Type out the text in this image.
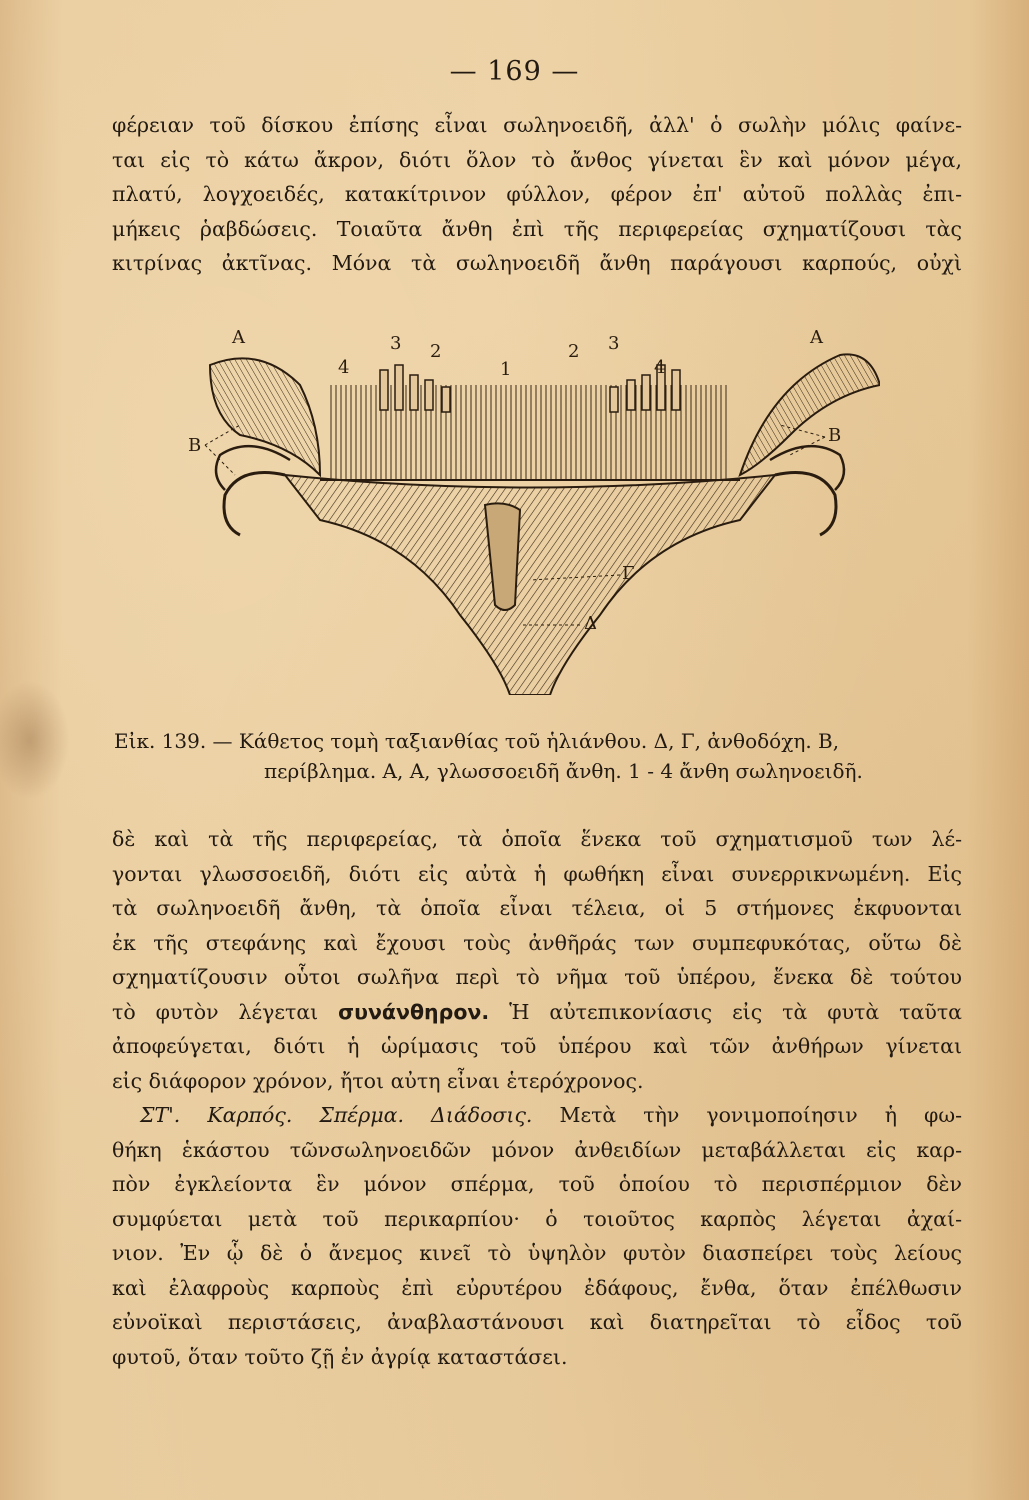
— 169 —
φέρειαν τοῦ δίσκου ἐπίσης εἶναι σωληνοειδῆ, ἀλλ' ὁ σωλὴν μόλις φαίνε-
ται εἰς τὸ κάτω ἄκρον, διότι ὅλον τὸ ἄνθος γίνεται ἓν καὶ μόνον μέγα,
πλατύ, λογχοειδές, κατακίτρινον φύλλον, φέρον ἐπ' αὐτοῦ πολλὰς ἐπι-
μήκεις ῥαβδώσεις. Τοιαῦτα ἄνθη ἐπὶ τῆς περιφερείας σχηματίζουσι τὰς
κιτρίνας ἀκτῖνας. Μόνα τὰ σωληνοειδῆ ἄνθη παράγουσι καρπούς, οὐχὶ
A	A
B	B
4
3 2
1
2 3
4
Γ
Δ
Εἰκ. 139. — Κάθετος τομὴ ταξιανθίας τοῦ ἡλιάνθου. Δ, Γ, ἀνθοδόχη. Β,
περίβλημα. Α, Α, γλωσσοειδῆ ἄνθη. 1 - 4 ἄνθη σωληνοειδῆ.
δὲ καὶ τὰ τῆς περιφερείας, τὰ ὁποῖα ἕνεκα τοῦ σχηματισμοῦ των λέ-
γονται γλωσσοειδῆ, διότι εἰς αὐτὰ ἡ φωθήκη εἶναι συνερρικνωμένη. Εἰς
τὰ σωληνοειδῆ ἄνθη, τὰ ὁποῖα εἶναι τέλεια, οἱ 5 στήμονες ἐκφυονται
ἐκ τῆς στεφάνης καὶ ἔχουσι τοὺς ἀνθῆράς των συμπεφυκότας, οὕτω δὲ
σχηματίζουσιν οὗτοι σωλῆνα περὶ τὸ νῆμα τοῦ ὑπέρου, ἕνεκα δὲ τούτου
τὸ φυτὸν λέγεται συνάνθηρον. Ἡ αὐτεπικονίασις εἰς τὰ φυτὰ ταῦτα
ἀποφεύγεται, διότι ἡ ὡρίμασις τοῦ ὑπέρου καὶ τῶν ἀνθήρων γίνεται
εἰς διάφορον χρόνον, ἤτοι αὐτη εἶναι ἑτερόχρονος.
ΣΤ'. Καρπός. Σπέρμα. Διάδοσις. Μετὰ τὴν γονιμοποίησιν ἡ φω-
θήκη ἑκάστου τῶνσωληνοειδῶν μόνον ἀνθειδίων μεταβάλλεται εἰς καρ-
πὸν ἐγκλείοντα ἓν μόνον σπέρμα, τοῦ ὁποίου τὸ περισπέρμιον δὲν
συμφύεται μετὰ τοῦ περικαρπίου· ὁ τοιοῦτος καρπὸς λέγεται ἀχαί-
νιον. Ἐν ᾧ δὲ ὁ ἄνεμος κινεῖ τὸ ὑψηλὸν φυτὸν διασπείρει τοὺς λείους
καὶ ἐλαφροὺς καρποὺς ἐπὶ εὐρυτέρου ἐδάφους, ἔνθα, ὅταν ἐπέλθωσιν
εὐνοϊκαὶ περιστάσεις, ἀναβλαστάνουσι καὶ διατηρεῖται τὸ εἶδος τοῦ
φυτοῦ, ὅταν τοῦτο ζῇ ἐν ἀγρίᾳ καταστάσει.
